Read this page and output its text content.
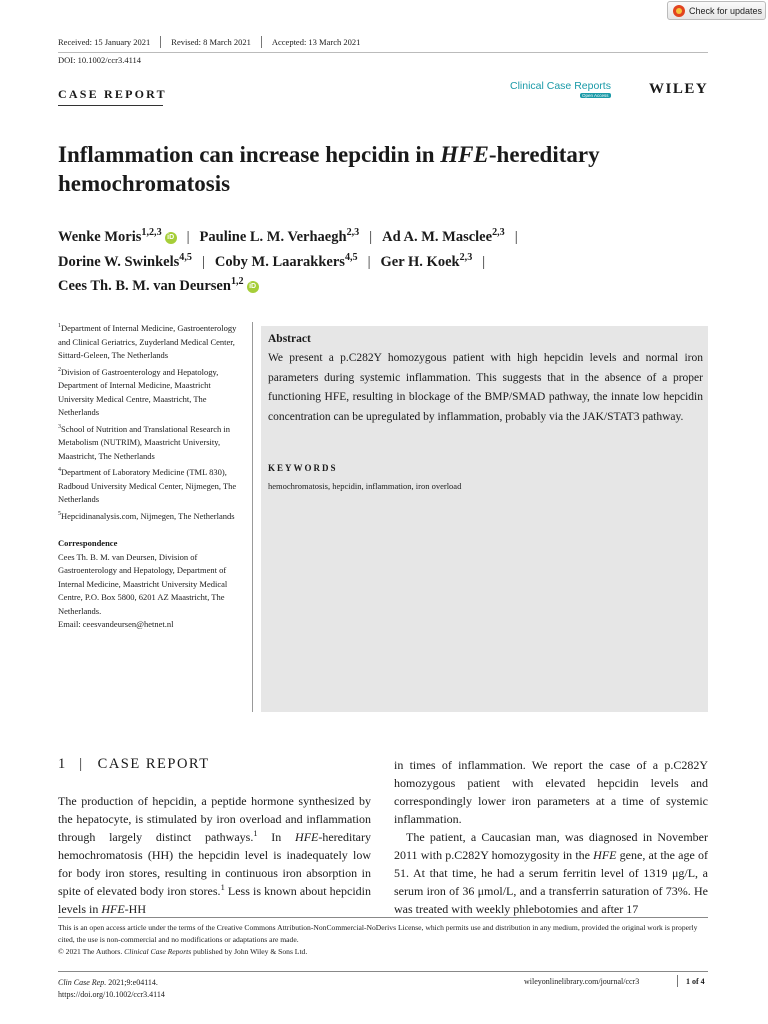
Check for updates
Received: 15 January 2021 Revised: 8 March 2021 Accepted: 13 March 2021
DOI: 10.1002/ccr3.4114
CASE REPORT
Clinical Case Reports
Open Access	WILEY
Inflammation can increase hepcidin in HFE-hereditary hemochromatosis
Wenke Moris$^{1,2,3}$ iD | Pauline L. M. Verhaegh$^{2,3}$ | Ad A. M. Masclee$^{2,3}$ |
Dorine W. Swinkels$^{4,5}$ | Coby M. Laarakkers$^{4,5}$ | Ger H. Koek$^{2,3}$ |
Cees Th. B. M. van Deursen$^{1,2}$ iD

$^1$Department of Internal Medicine, Gastroenterology and Clinical Geriatrics, Zuyderland Medical Center, Sittard-Geleen, The Netherlands

$^2$Division of Gastroenterology and Hepatology, Department of Internal Medicine, Maastricht University Medical Centre, Maastricht, The Netherlands

$^3$School of Nutrition and Translational Research in Metabolism (NUTRIM), Maastricht University, Maastricht, The Netherlands

$^4$Department of Laboratory Medicine (TML 830), Radboud University Medical Center, Nijmegen, The Netherlands

$^5$Hepcidinanalysis.com, Nijmegen, The Netherlands

Correspondence
Cees Th. B. M. van Deursen, Division of Gastroenterology and Hepatology, Department of Internal Medicine, Maastricht University Medical Centre, P.O. Box 5800, 6201 AZ Maastricht, The Netherlands.
Email: ceesvandeursen@hetnet.nl
Abstract
We present a p.C282Y homozygous patient with high hepcidin levels and normal iron parameters during systemic inflammation. This suggests that in the absence of a proper functioning HFE, resulting in blockage of the BMP/SMAD pathway, the innate low hepcidin concentration can be upregulated by inflammation, probably via the JAK/STAT3 pathway.
KEYWORDS
hemochromatosis, hepcidin, inflammation, iron overload
1 | CASE REPORT

The production of hepcidin, a peptide hormone synthesized by the hepatocyte, is stimulated by iron overload and inflammation through largely distinct pathways.$^1$ In HFE-hereditary hemochromatosis (HH) the hepcidin level is inadequately low for body iron stores, resulting in continuous iron absorption in spite of elevated body iron stores.$^1$ Less is known about hepcidin levels in HFE-HH

in times of inflammation. We report the case of a p.C282Y homozygous patient with elevated hepcidin levels and correspondingly lower iron parameters at a time of systemic inflammation.

The patient, a Caucasian man, was diagnosed in November 2011 with p.C282Y homozygosity in the HFE gene, at the age of 51. At that time, he had a serum ferritin level of 1319 μg/L, a serum iron of 36 μmol/L, and a transferrin saturation of 73%. He was treated with weekly phlebotomies and after 17

This is an open access article under the terms of the Creative Commons Attribution-NonCommercial-NoDerivs License, which permits use and distribution in any medium, provided the original work is properly cited, the use is non-commercial and no modifications or adaptations are made.
© 2021 The Authors. Clinical Case Reports published by John Wiley & Sons Ltd.
Clin Case Rep. 2021;9:e04114.
https://doi.org/10.1002/ccr3.4114
wileyonlinelibrary.com/journal/ccr3	1 of 4
